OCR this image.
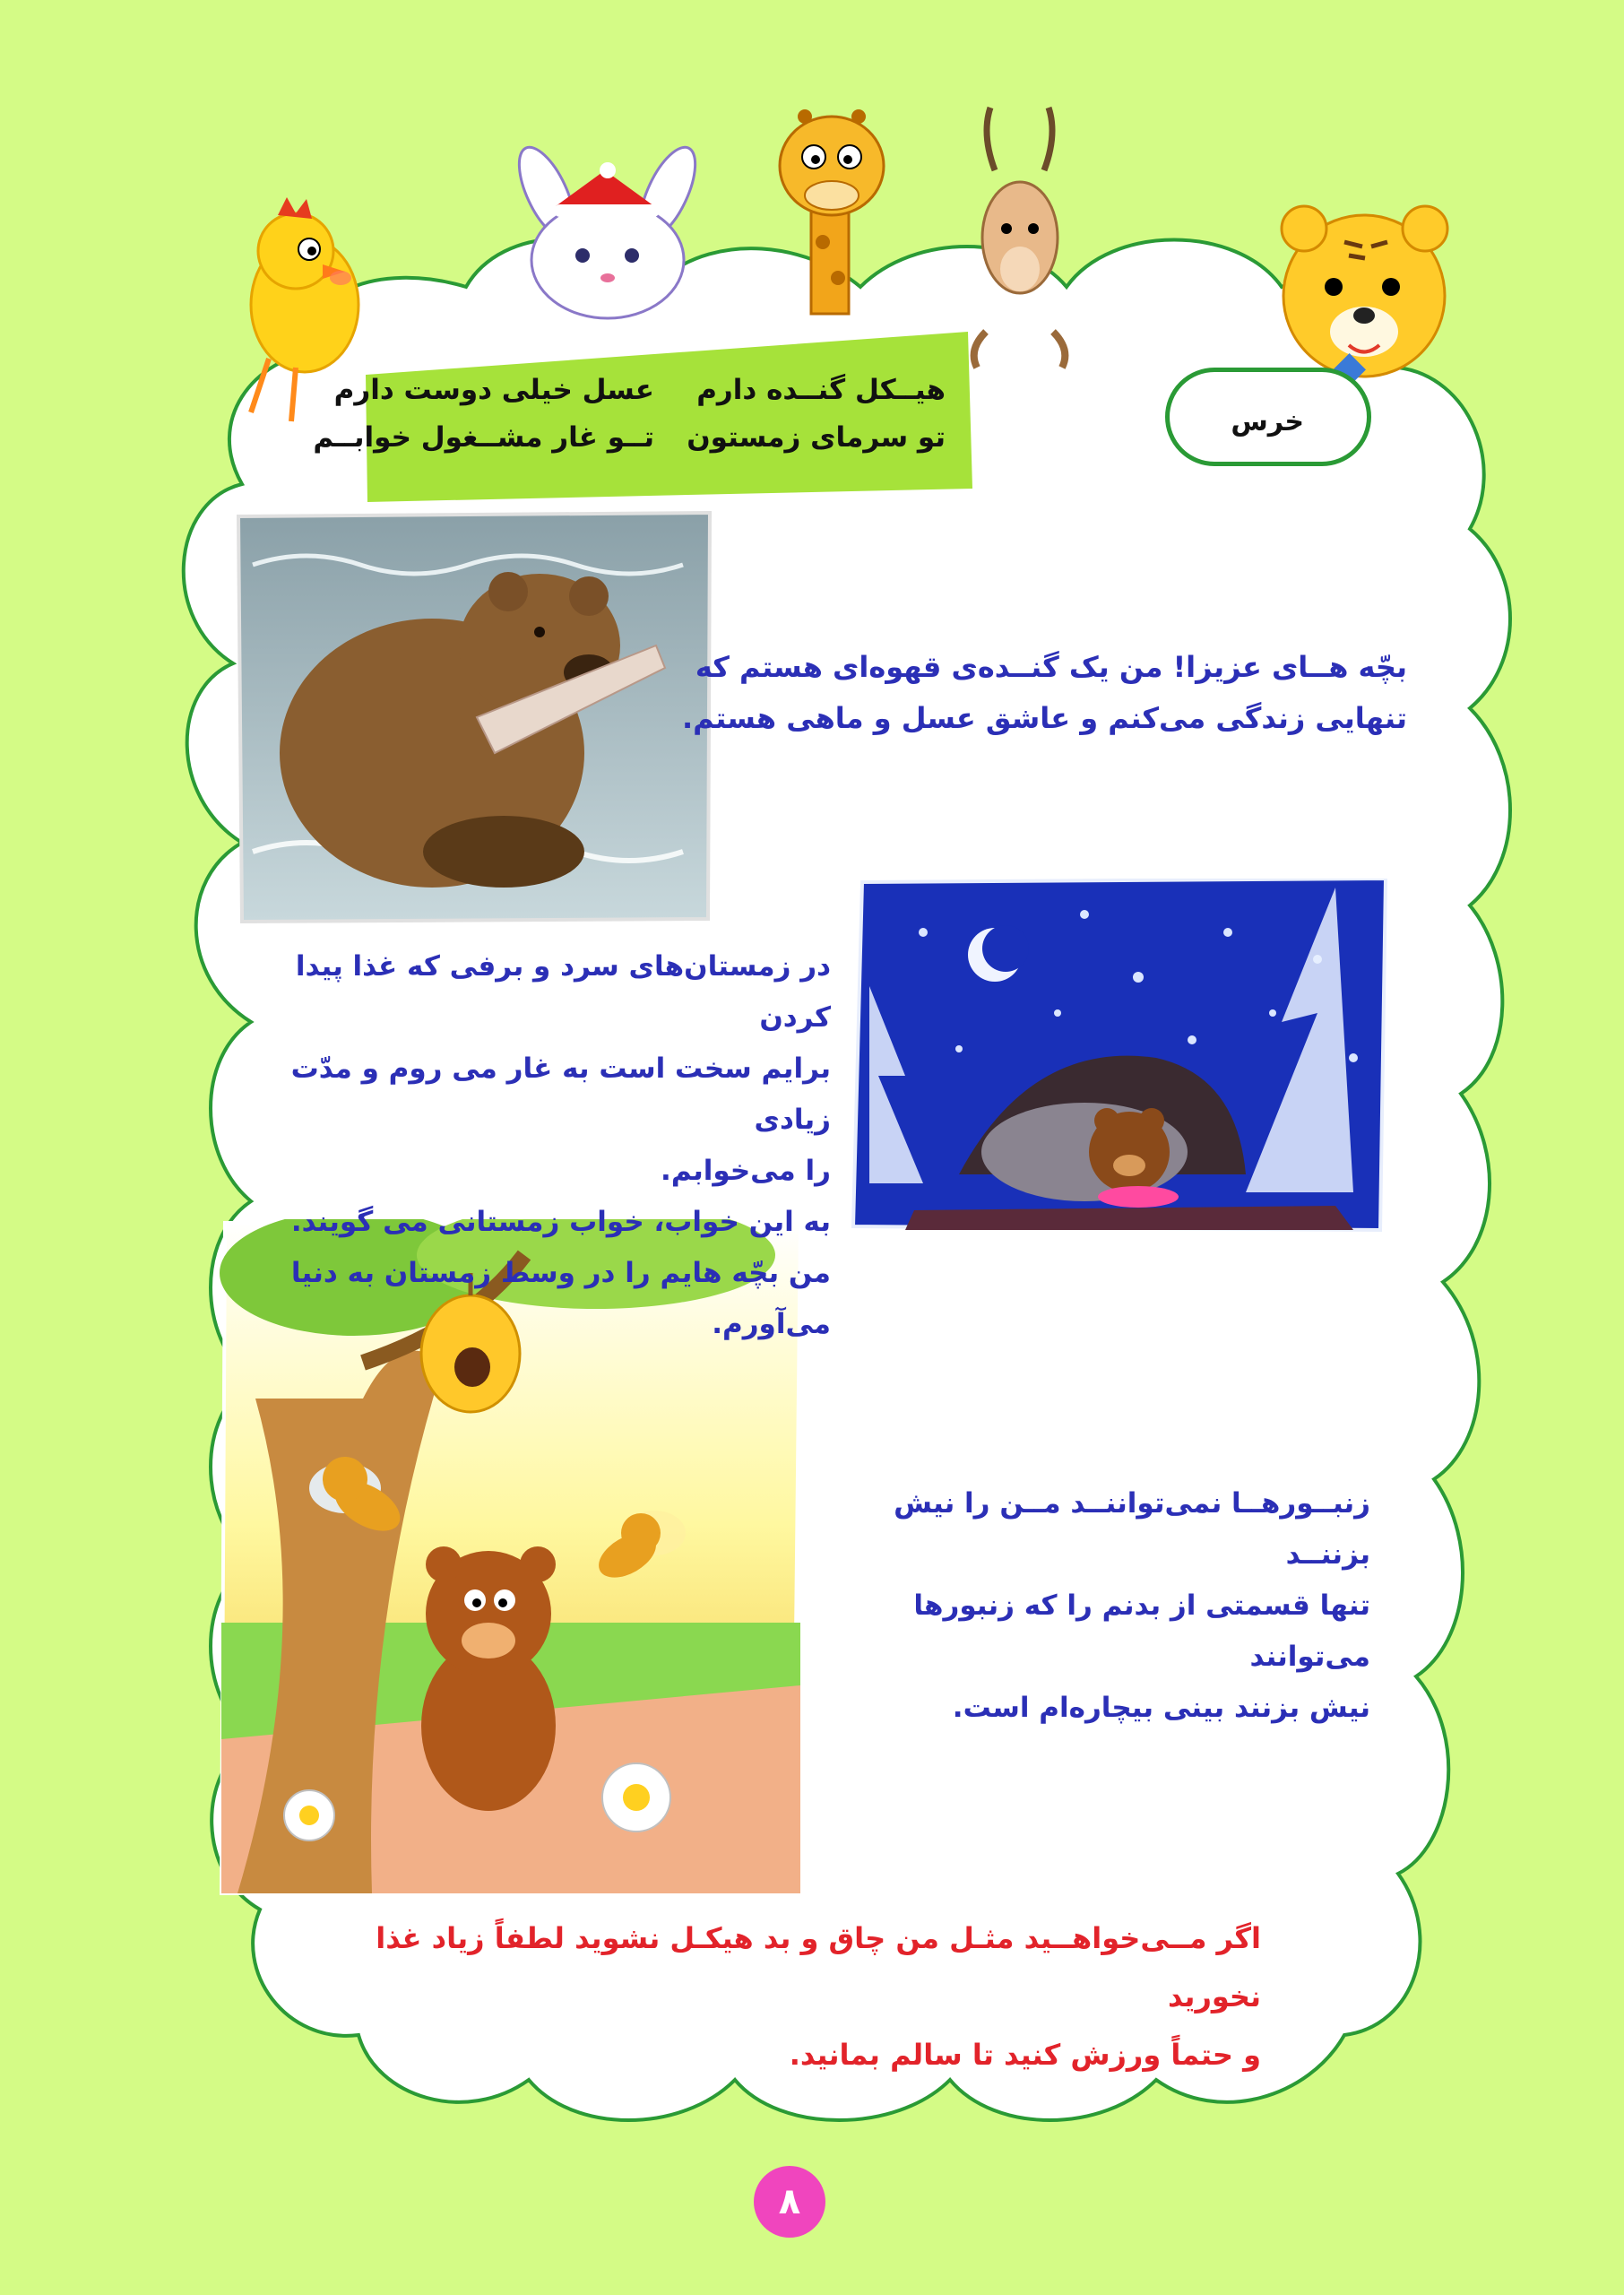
هیــکل گنــده دارم
عسل خیلی دوست دارم
تو سرمای زمستون
تــو غار مشــغول خوابــم	خرس
بچّه هــای عزیزا! من یک گنــده‌ی قهوه‌ای هستم که
تنهایی زندگی می‌کنم و عاشق عسل و ماهی هستم.
در زمستان‌های سرد و برفی که غذا پیدا کردن
برایم سخت است به غار می روم و مدّت زیادی
را می‌خوابم.
به این خواب، خواب زمستانی می گویند.
من بچّه هایم را در وسط زمستان به دنیا می‌آورم.
زنبــورهــا نمی‌تواننــد مــن را نیش بزننــد
تنها قسمتی از بدنم را که زنبورها می‌توانند
نیش بزنند بینی بیچاره‌ام است.
اگر مــی‌خواهــید مثـل من چاق و بد هیکـل نشوید لطفاً زیاد غذا نخورید
و حتماً ورزش کنید تا سالم بمانید.
۸
